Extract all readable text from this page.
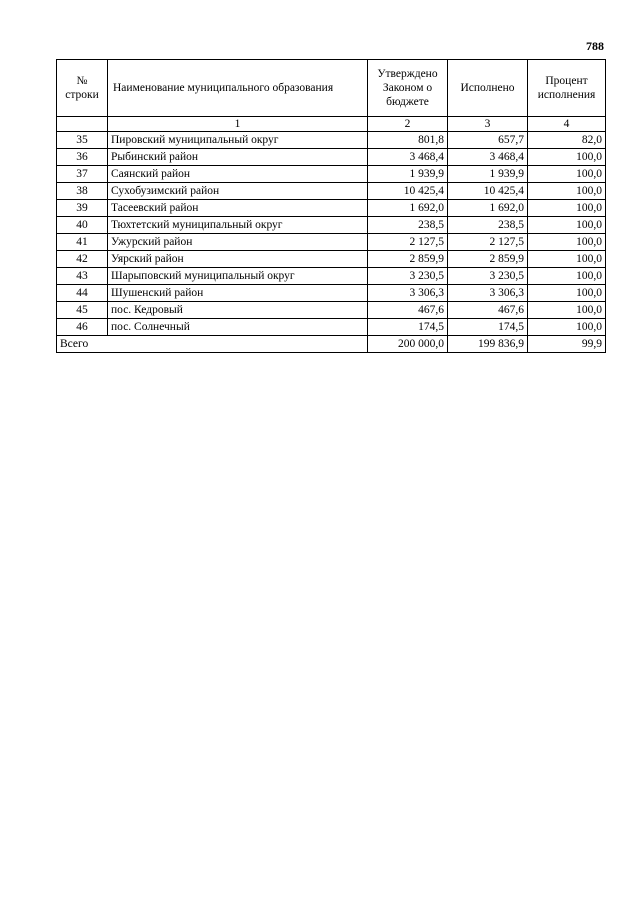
788
№ строки	Наименование муниципального образования	Утверждено Законом о бюджете	Исполнено	Процент исполнения
	1	2	3	4
35	Пировский муниципальный округ	801,8	657,7	82,0
36	Рыбинский район	3 468,4	3 468,4	100,0
37	Саянский район	1 939,9	1 939,9	100,0
38	Сухобузимский район	10 425,4	10 425,4	100,0
39	Тасеевский район	1 692,0	1 692,0	100,0
40	Тюхтетский муниципальный округ	238,5	238,5	100,0
41	Ужурский район	2 127,5	2 127,5	100,0
42	Уярский район	2 859,9	2 859,9	100,0
43	Шарыповский муниципальный округ	3 230,5	3 230,5	100,0
44	Шушенский район	3 306,3	3 306,3	100,0
45	пос. Кедровый	467,6	467,6	100,0
46	пос. Солнечный	174,5	174,5	100,0
Всего		200 000,0	199 836,9	99,9
